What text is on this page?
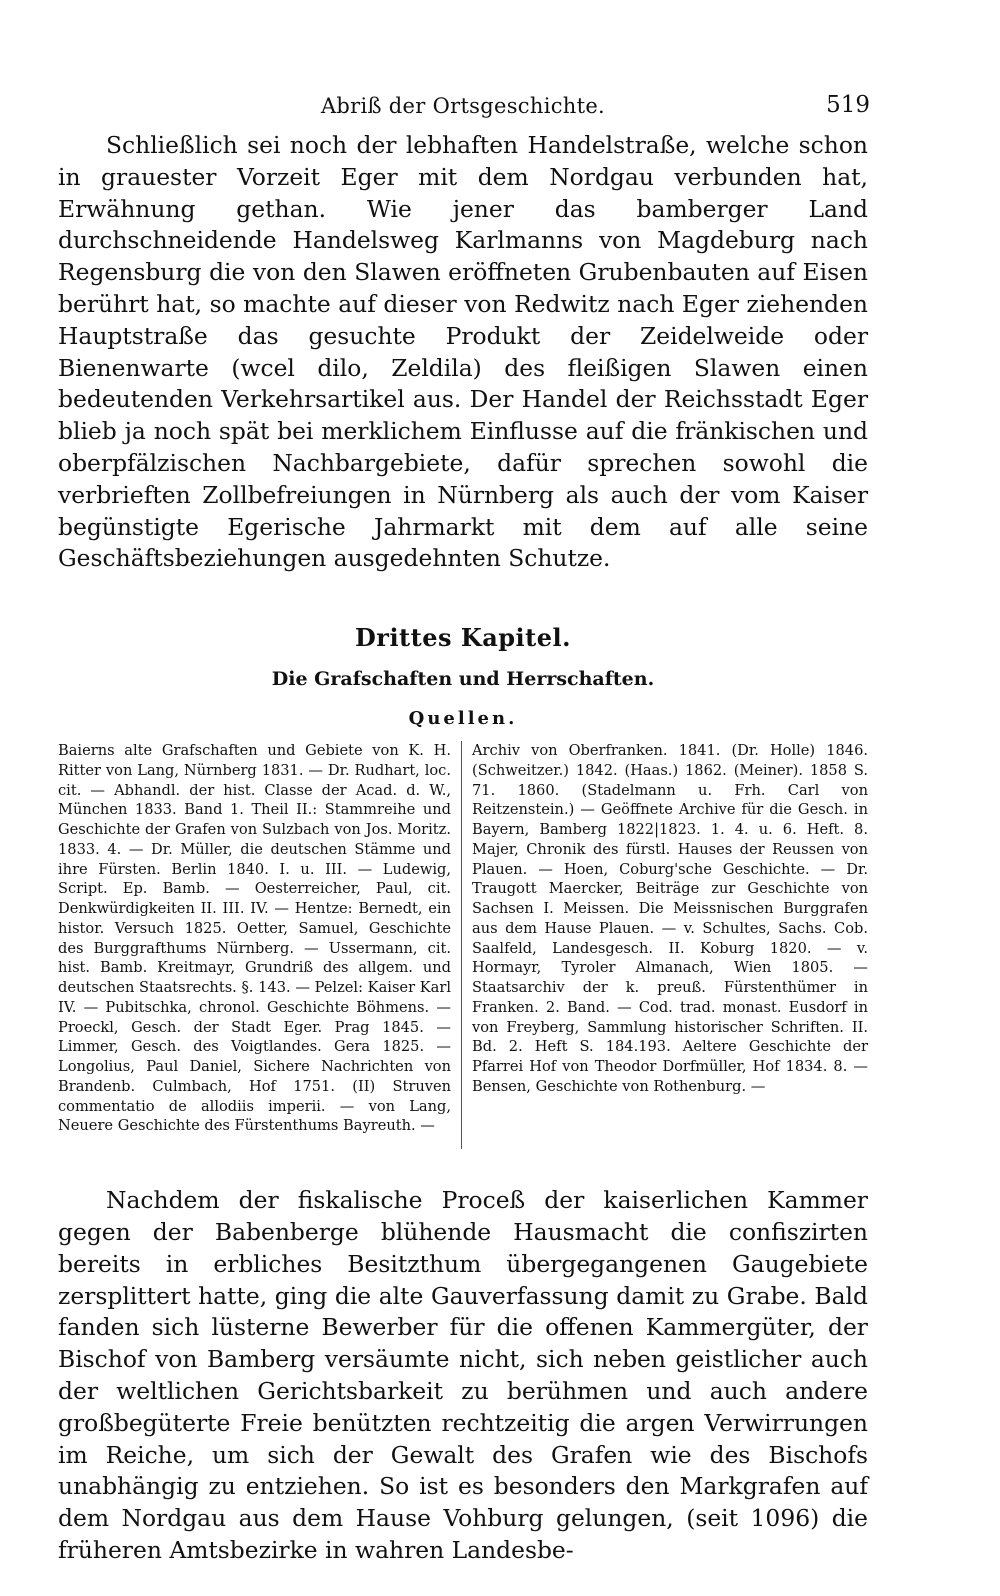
Abriß der Ortsgeschichte.	519

Schließlich sei noch der lebhaften Handelstraße, welche schon in grauester Vorzeit Eger mit dem Nordgau verbunden hat, Erwähnung gethan. Wie jener das bamberger Land durchschneidende Handelsweg Karlmanns von Magdeburg nach Regensburg die von den Slawen eröffneten Grubenbauten auf Eisen berührt hat, so machte auf dieser von Redwitz nach Eger ziehenden Hauptstraße das gesuchte Produkt der Zeidelweide oder Bienenwarte (wcel dilo, Zeldila) des fleißigen Slawen einen bedeutenden Verkehrsartikel aus. Der Handel der Reichsstadt Eger blieb ja noch spät bei merklichem Einflusse auf die fränkischen und oberpfälzischen Nachbargebiete, dafür sprechen sowohl die verbrieften Zollbefreiungen in Nürnberg als auch der vom Kaiser begünstigte Egerische Jahrmarkt mit dem auf alle seine Geschäftsbeziehungen ausgedehnten Schutze.

Drittes Kapitel.
Die Grafschaften und Herrschaften.
Quellen.
Baierns alte Grafschaften und Gebiete von K. H. Ritter von Lang, Nürnberg 1831. — Dr. Rudhart, loc. cit. — Abhandl. der hist. Classe der Acad. d. W., München 1833. Band 1. Theil II.: Stammreihe und Geschichte der Grafen von Sulzbach von Jos. Moritz. 1833. 4. — Dr. Müller, die deutschen Stämme und ihre Fürsten. Berlin 1840. I. u. III. — Ludewig, Script. Ep. Bamb. — Oesterreicher, Paul, cit. Denkwürdigkeiten II. III. IV. — Hentze: Bernedt, ein histor. Versuch 1825. Oetter, Samuel, Geschichte des Burggrafthums Nürnberg. — Ussermann, cit. hist. Bamb. Kreitmayr, Grundriß des allgem. und deutschen Staatsrechts. §. 143. — Pelzel: Kaiser Karl IV. — Pubitschka, chronol. Geschichte Böhmens. — Proeckl, Gesch. der Stadt Eger. Prag 1845. — Limmer, Gesch. des Voigtlandes. Gera 1825. — Longolius, Paul Daniel, Sichere Nachrichten von Brandenb. Culmbach, Hof 1751. (II) Struven commentatio de allodiis imperii. — von Lang, Neuere Geschichte des Fürstenthums Bayreuth. —
Archiv von Oberfranken. 1841. (Dr. Holle) 1846. (Schweitzer.) 1842. (Haas.) 1862. (Meiner). 1858 S. 71. 1860. (Stadelmann u. Frh. Carl von Reitzenstein.) — Geöffnete Archive für die Gesch. in Bayern, Bamberg 1822|1823. 1. 4. u. 6. Heft. 8. Majer, Chronik des fürstl. Hauses der Reussen von Plauen. — Hoen, Coburg'sche Geschichte. — Dr. Traugott Maercker, Beiträge zur Geschichte von Sachsen I. Meissen. Die Meissnischen Burggrafen aus dem Hause Plauen. — v. Schultes, Sachs. Cob. Saalfeld, Landesgesch. II. Koburg 1820. — v. Hormayr, Tyroler Almanach, Wien 1805. — Staatsarchiv der k. preuß. Fürstenthümer in Franken. 2. Band. — Cod. trad. monast. Eusdorf in von Freyberg, Sammlung historischer Schriften. II. Bd. 2. Heft S. 184.193. Aeltere Geschichte der Pfarrei Hof von Theodor Dorfmüller, Hof 1834. 8. — Bensen, Geschichte von Rothenburg. —

Nachdem der fiskalische Proceß der kaiserlichen Kammer gegen der Babenberge blühende Hausmacht die confiszirten bereits in erbliches Besitzthum übergegangenen Gaugebiete zersplittert hatte, ging die alte Gauverfassung damit zu Grabe. Bald fanden sich lüsterne Bewerber für die offenen Kammergüter, der Bischof von Bamberg versäumte nicht, sich neben geistlicher auch der weltlichen Gerichtsbarkeit zu berühmen und auch andere großbegüterte Freie benützten rechtzeitig die argen Verwirrungen im Reiche, um sich der Gewalt des Grafen wie des Bischofs unabhängig zu entziehen. So ist es besonders den Markgrafen auf dem Nordgau aus dem Hause Vohburg gelungen, (seit 1096) die früheren Amtsbezirke in wahren Landesbe-
